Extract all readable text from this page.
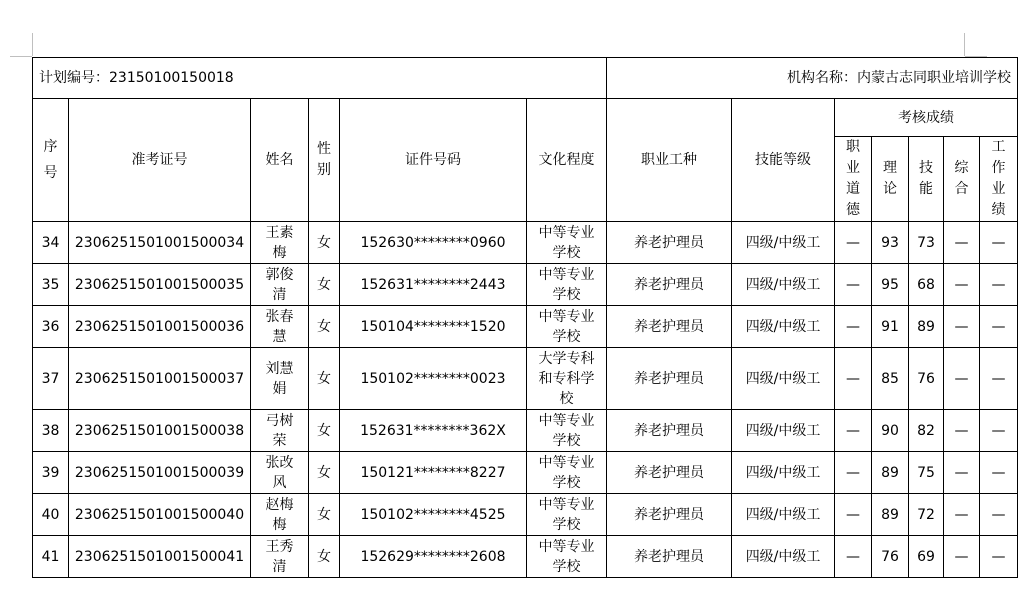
计划编号：23150100150018						机构名称：内蒙古志同职业培训学校						
序号	准考证号	姓名	性别	证件号码	文化程度	职业工种	技能等级	考核成绩				
								职业道德	理论	技能	综合	工作业绩
34	2306251501001500034	王素梅	女	152630********0960	中等专业学校	养老护理员	四级/中级工	—	93	73	—	—
35	2306251501001500035	郭俊清	女	152631********2443	中等专业学校	养老护理员	四级/中级工	—	95	68	—	—
36	2306251501001500036	张春慧	女	150104********1520	中等专业学校	养老护理员	四级/中级工	—	91	89	—	—
37	2306251501001500037	刘慧娟	女	150102********0023	大学专科和专科学校	养老护理员	四级/中级工	—	85	76	—	—
38	2306251501001500038	弓树荣	女	152631********362X	中等专业学校	养老护理员	四级/中级工	—	90	82	—	—
39	2306251501001500039	张改风	女	150121********8227	中等专业学校	养老护理员	四级/中级工	—	89	75	—	—
40	2306251501001500040	赵梅梅	女	150102********4525	中等专业学校	养老护理员	四级/中级工	—	89	72	—	—
41	2306251501001500041	王秀清	女	152629********2608	中等专业学校	养老护理员	四级/中级工	—	76	69	—	—
